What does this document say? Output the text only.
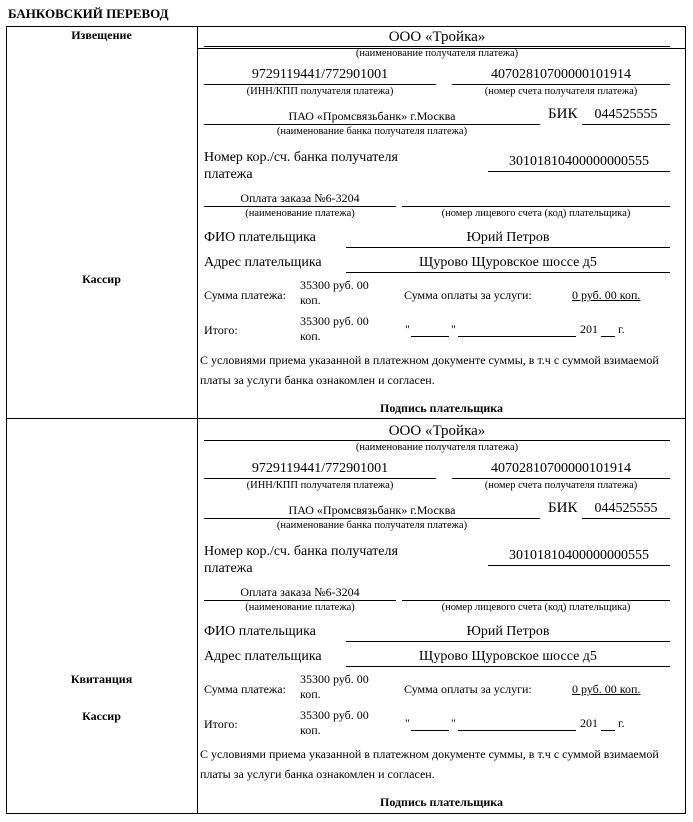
БАНКОВСКИЙ ПЕРЕВОД
Извещение
Кассир
Квитанция
Кассир
ООО «Тройка»
(наименование получателя платежа)
9729119441/772901001
(ИНН/КПП получателя платежа)
40702810700000101914
(номер счета получателя платежа)
ПАО «Промсвязьбанк» г.Москва
(наименование банка получателя платежа)
БИК	044525555
Номер кор./сч. банка получателя платежа
30101810400000000555
Оплата заказа №6-3204
(наименование платежа)	(номер лицевого счета (код) плательщика)
ФИО плательщика	Юрий Петров
Адрес плательщика	Щурово Щуровское шоссе д5
Сумма платежа:
35300 руб. 00 коп.	Сумма оплаты за услуги:	0 руб. 00 коп.
Итого:
35300 руб. 00 коп.	"	"	201 г.
С условиями приема указанной в платежном документе суммы, в т.ч с суммой взимаемой платы за услуги банка ознакомлен и согласен.
Подпись плательщика
ООО «Тройка»
(наименование получателя платежа)
9729119441/772901001
(ИНН/КПП получателя платежа)
40702810700000101914
(номер счета получателя платежа)
ПАО «Промсвязьбанк» г.Москва
(наименование банка получателя платежа)
БИК	044525555
Номер кор./сч. банка получателя платежа
30101810400000000555
Оплата заказа №6-3204
(наименование платежа)	(номер лицевого счета (код) плательщика)
ФИО плательщика	Юрий Петров
Адрес плательщика	Щурово Щуровское шоссе д5
Сумма платежа:
35300 руб. 00 коп.	Сумма оплаты за услуги:	0 руб. 00 коп.
Итого:
35300 руб. 00 коп.	"	"	201 г.
С условиями приема указанной в платежном документе суммы, в т.ч с суммой взимаемой платы за услуги банка ознакомлен и согласен.
Подпись плательщика
